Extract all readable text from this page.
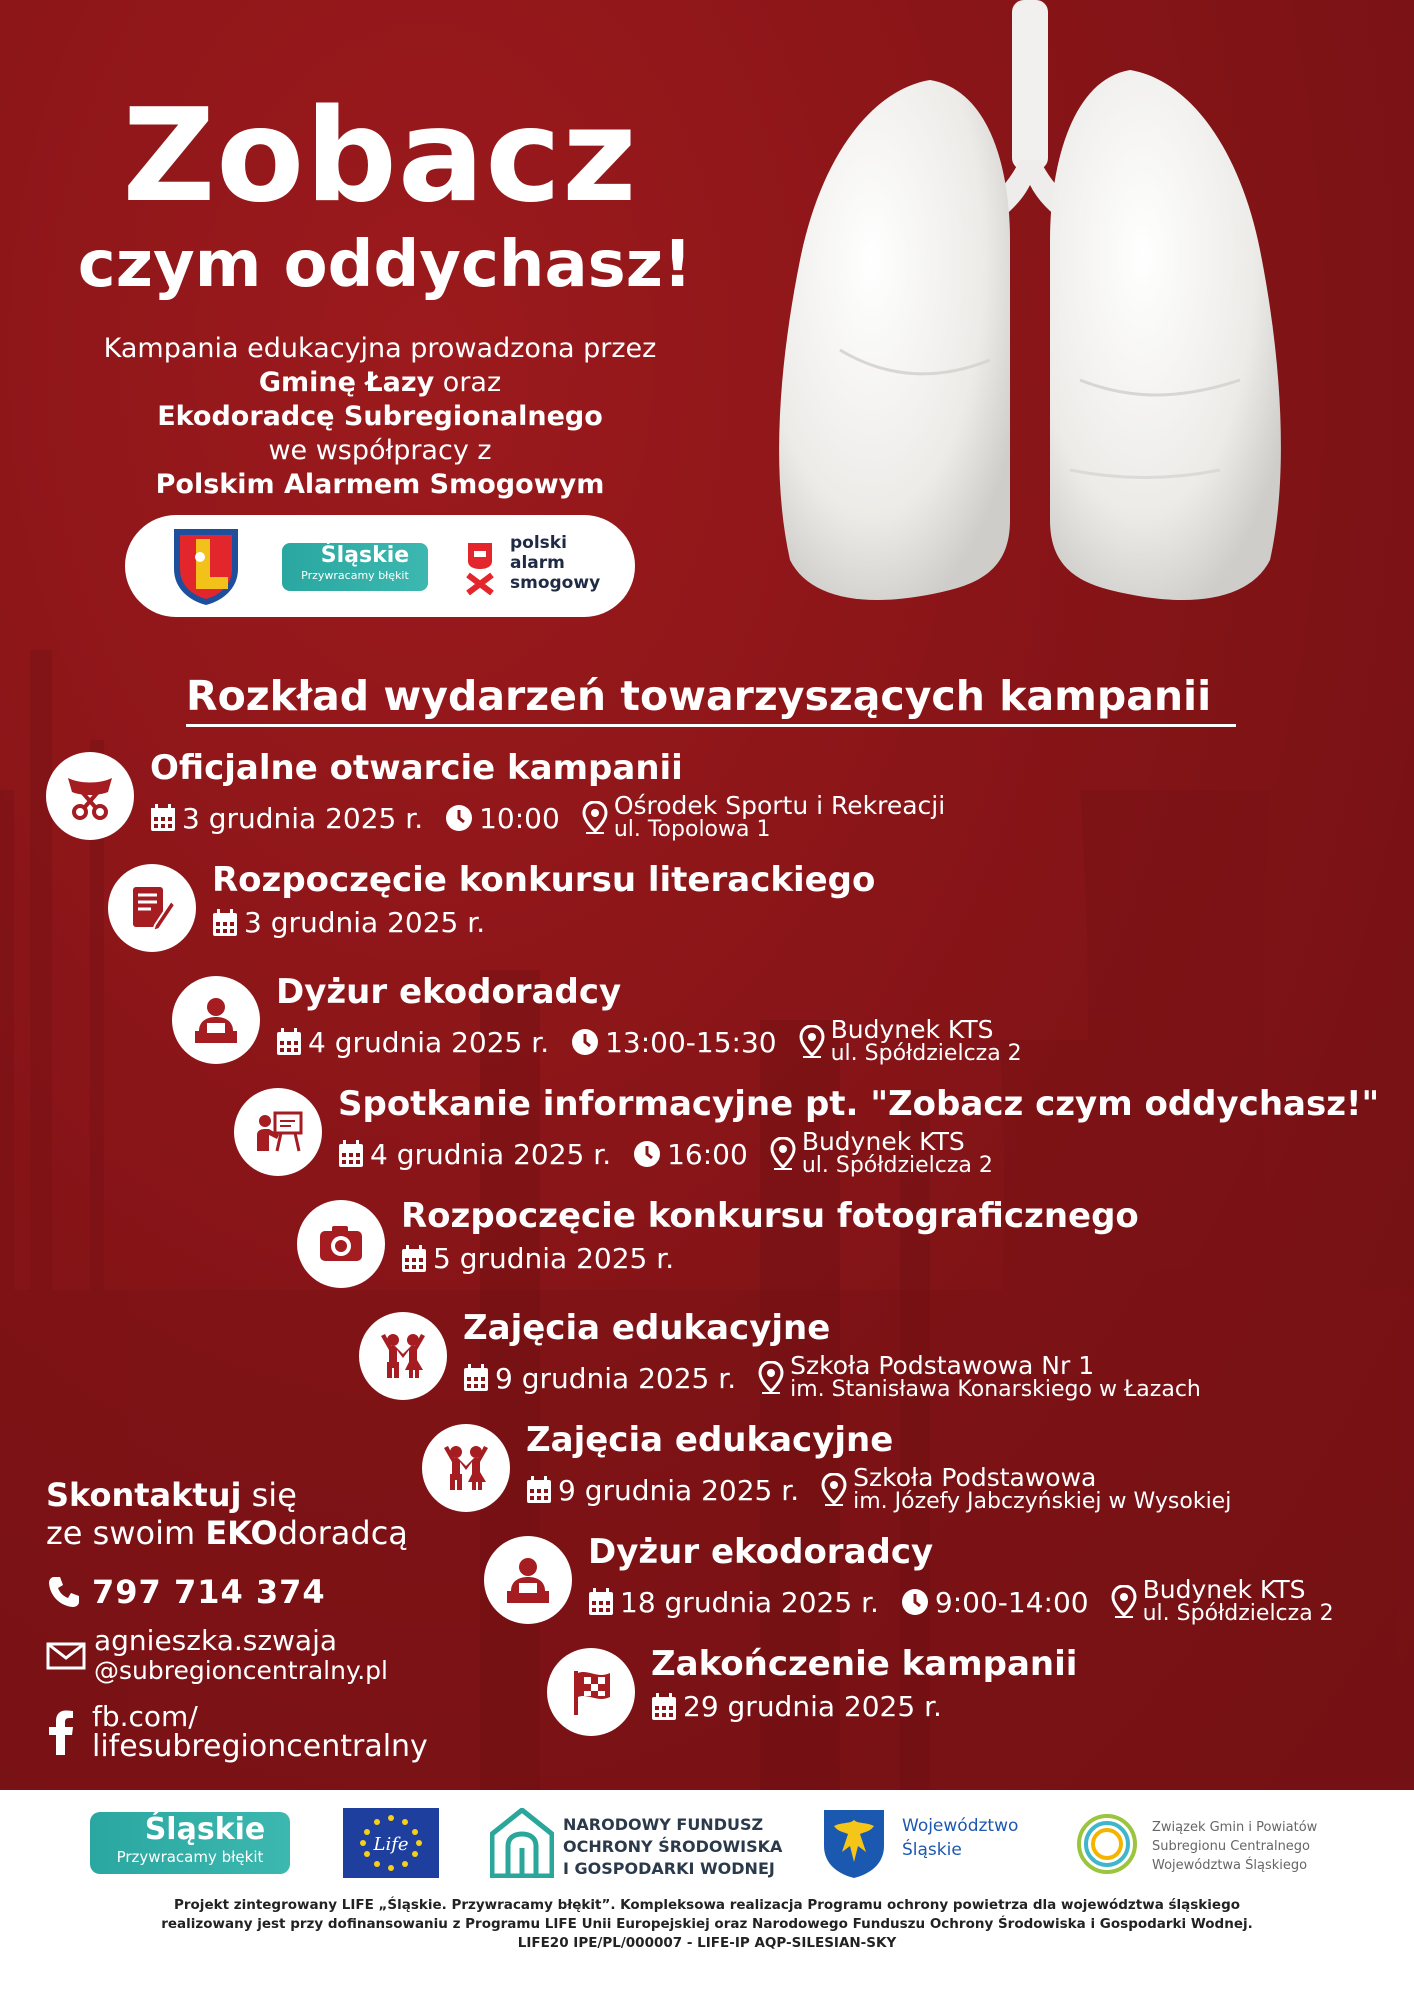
Zobacz
czym oddychasz!
Kampania edukacyjna prowadzona przez
Gminę Łazy oraz
Ekodoradcę Subregionalnego
we współpracy z
Polskim Alarmem Smogowym
Śląskie
Przywracamy błękit
polski
alarm
smogowy
Rozkład wydarzeń towarzyszących kampanii
Oficjalne otwarcie kampanii
3 grudnia 2025 r. 10:00 Ośrodek Sportu i Rekreacji
ul. Topolowa 1
Rozpoczęcie konkursu literackiego
3 grudnia 2025 r.
Dyżur ekodoradcy
4 grudnia 2025 r. 13:00-15:30 Budynek KTS
ul. Spółdzielcza 2
Spotkanie informacyjne pt. "Zobacz czym oddychasz!"
4 grudnia 2025 r. 16:00 Budynek KTS
ul. Spółdzielcza 2
Rozpoczęcie konkursu fotograficznego
5 grudnia 2025 r.
Zajęcia edukacyjne
9 grudnia 2025 r. Szkoła Podstawowa Nr 1
im. Stanisława Konarskiego w Łazach
Zajęcia edukacyjne
9 grudnia 2025 r. Szkoła Podstawowa
im. Józefy Jabczyńskiej w Wysokiej
Dyżur ekodoradcy
18 grudnia 2025 r. 9:00-14:00 Budynek KTS
ul. Spółdzielcza 2
Zakończenie kampanii
29 grudnia 2025 r.
Skontaktuj się
ze swoim EKOdoradcą
797 714 374
agnieszka.szwaja
@subregioncentralny.pl
fb.com/
lifesubregioncentralny
Śląskie
Przywracamy błękit
Life
NARODOWY FUNDUSZ
OCHRONY ŚRODOWISKA
I GOSPODARKI WODNEJ
Województwo
Śląskie
Związek Gmin i Powiatów
Subregionu Centralnego
Województwa Śląskiego
Projekt zintegrowany LIFE „Śląskie. Przywracamy błękit”. Kompleksowa realizacja Programu ochrony powietrza dla województwa śląskiego
realizowany jest przy dofinansowaniu z Programu LIFE Unii Europejskiej oraz Narodowego Funduszu Ochrony Środowiska i Gospodarki Wodnej.
LIFE20 IPE/PL/000007 - LIFE-IP AQP-SILESIAN-SKY
